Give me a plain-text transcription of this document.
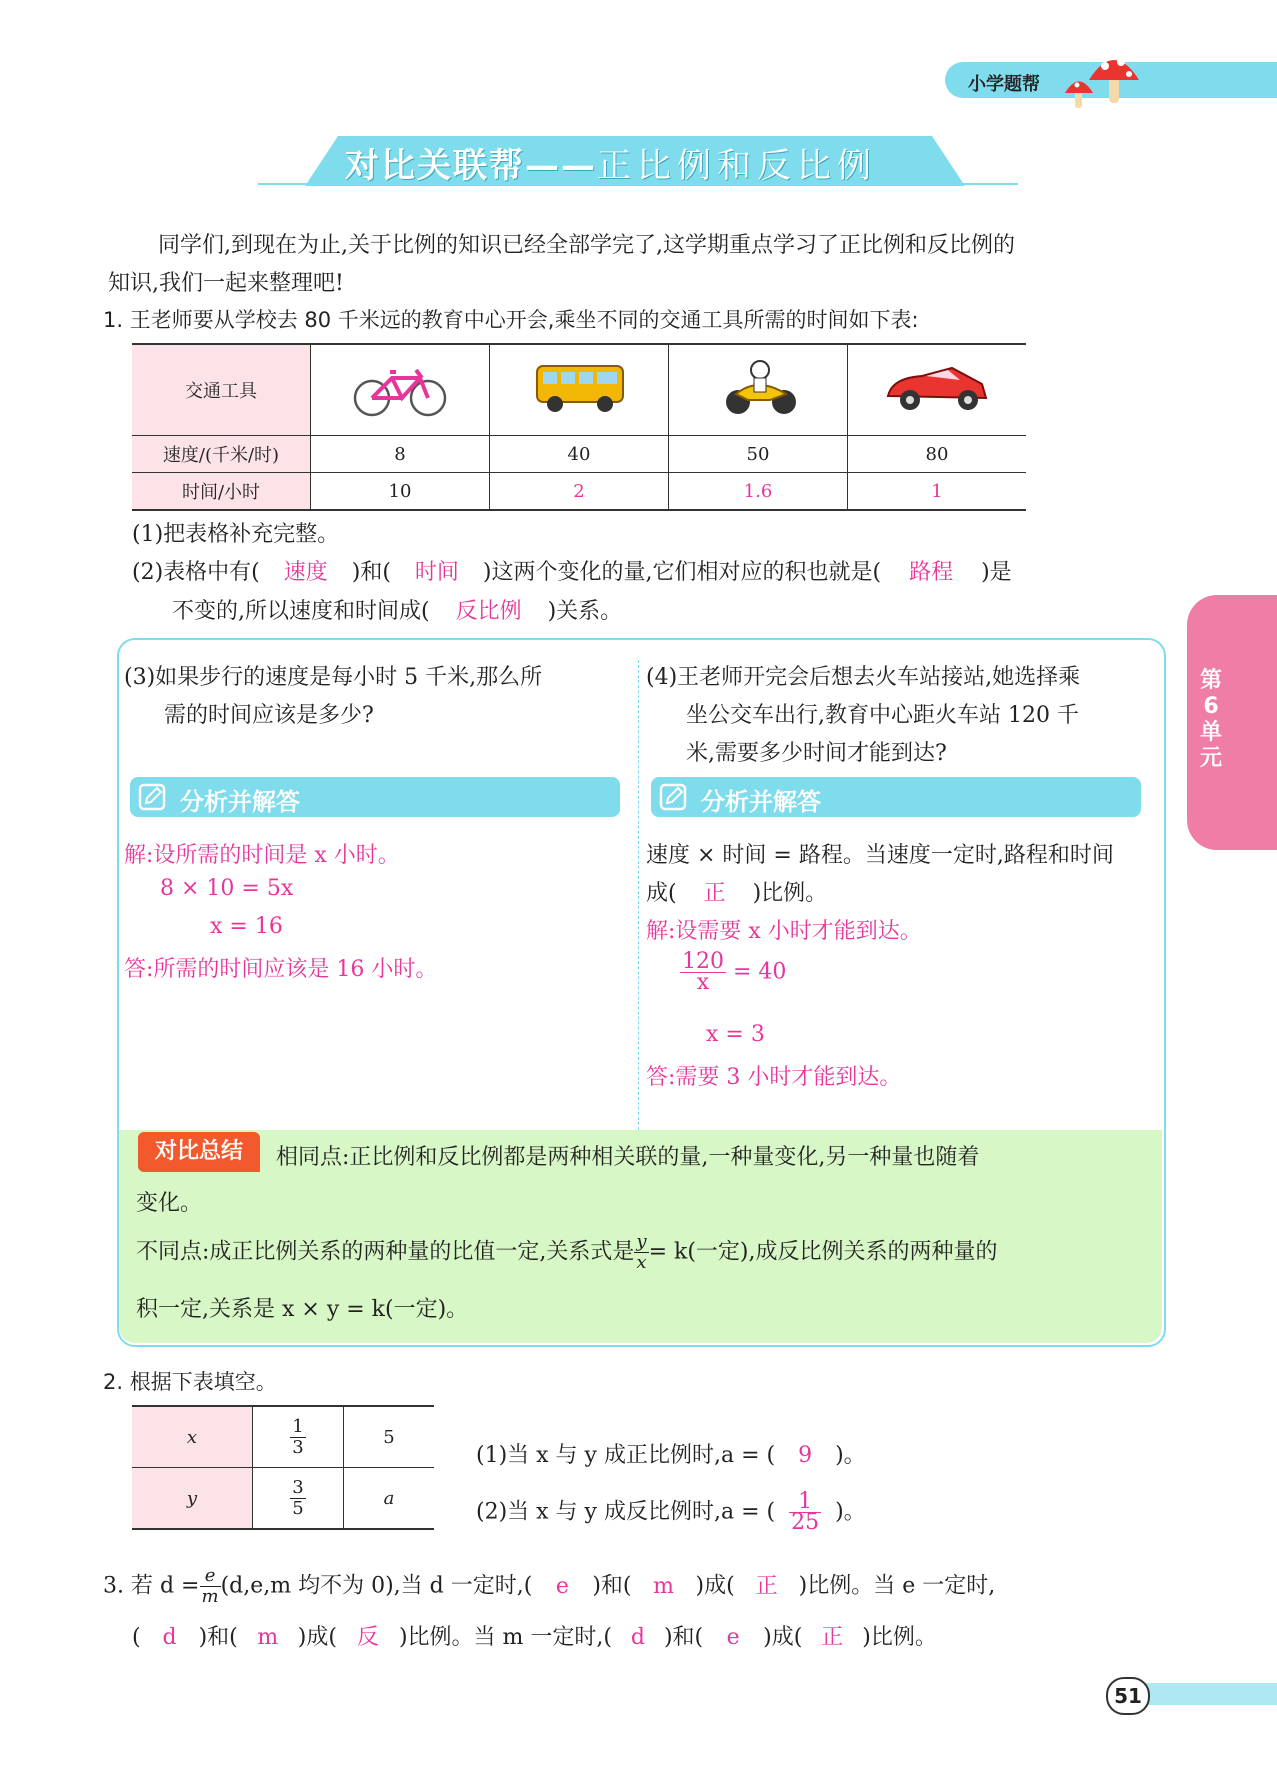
小学题帮
对比关联帮——正比例和反比例
第6单元
同学们,到现在为止,关于比例的知识已经全部学完了,这学期重点学习了正比例和反比例的
知识,我们一起来整理吧!
1. 王老师要从学校去 80 千米远的教育中心开会,乘坐不同的交通工具所需的时间如下表:
交通工具				
速度/(千米/时)	8	40	50	80
时间/小时	10	2	1.6	1
(1)把表格补充完整。
(2)表格中有( 速度 )和( 时间 )这两个变化的量,它们相对应的积也就是( 路程 )是
不变的,所以速度和时间成( 反比例 )关系。
(3)如果步行的速度是每小时 5 千米,那么所
需的时间应该是多少?
(4)王老师开完会后想去火车站接站,她选择乘
坐公交车出行,教育中心距火车站 120 千
米,需要多少时间才能到达?
分析并解答	分析并解答
解:设所需的时间是 x 小时。
8 × 10 = 5x
x = 16
答:所需的时间应该是 16 小时。
速度 × 时间 = 路程。当速度一定时,路程和时间
成( 正 )比例。
解:设需要 x 小时才能到达。
$\frac{120}{x} = 40$
x = 3
答:需要 3 小时才能到达。
对比总结	相同点:正比例和反比例都是两种相关联的量,一种量变化,另一种量也随着
变化。
不同点:成正比例关系的两种量的比值一定,关系式是 $\frac{y}{x} = k$(一定),成反比例关系的两种量的
积一定,关系是 x × y = k(一定)。
2. 根据下表填空。
x	$\frac{1}{3}$	5
y	$\frac{3}{5}$	a
(1)当 x 与 y 成正比例时,a = ( 9 )。
(2)当 x 与 y 成反比例时,a = ( $\frac{1}{25}$ )。
3. 若 $d = \frac{e}{m} (d,e,m$ 均不为 0),当 d 一定时,( e )和( m )成( 正 )比例。当 e 一定时,
( d )和( m )成( 反 )比例。当 m 一定时,( d )和( e )成( 正 )比例。
51
